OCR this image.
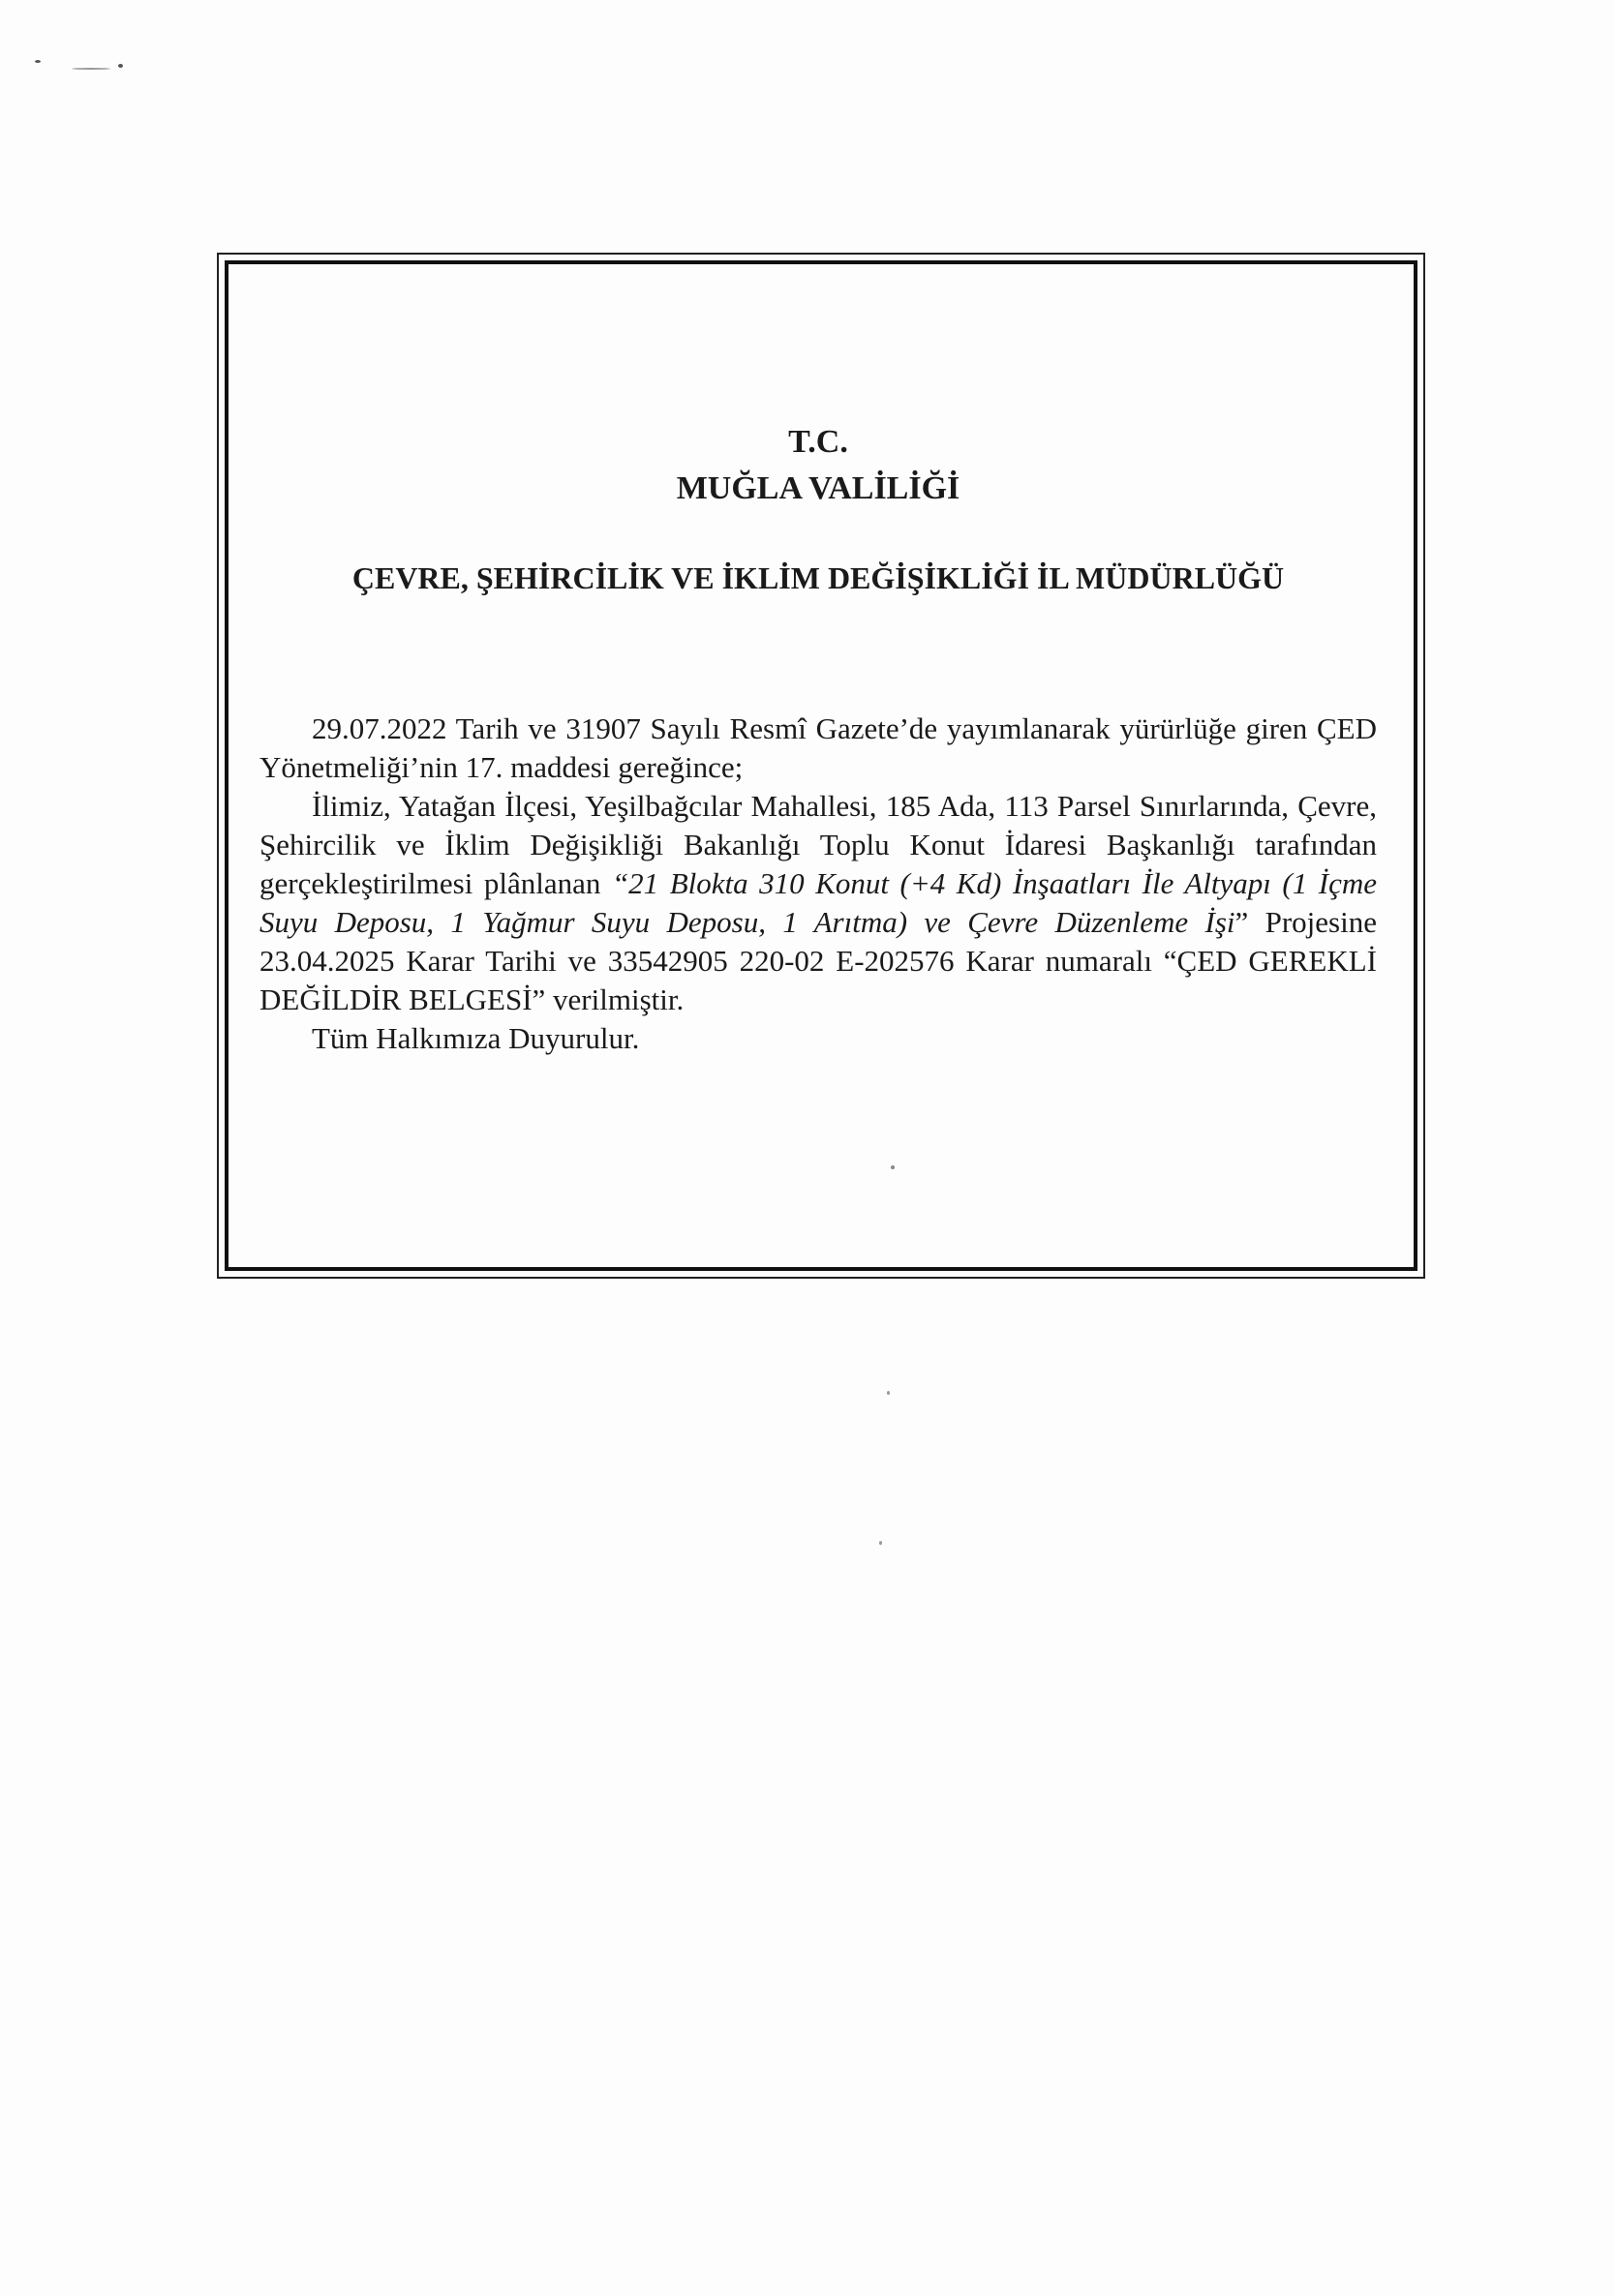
T.C.
MUĞLA VALİLİĞİ
ÇEVRE, ŞEHİRCİLİK VE İKLİM DEĞİŞİKLİĞİ İL MÜDÜRLÜĞÜ

29.07.2022 Tarih ve 31907 Sayılı Resmî Gazete’de yayımlanarak yürürlüğe giren ÇED Yönetmeliği’nin 17. maddesi gereğince;

İlimiz, Yatağan İlçesi, Yeşilbağcılar Mahallesi, 185 Ada, 113 Parsel Sınırlarında, Çevre, Şehircilik ve İklim Değişikliği Bakanlığı Toplu Konut İdaresi Başkanlığı tarafından gerçekleştirilmesi plânlanan “21 Blokta 310 Konut (+4 Kd) İnşaatları İle Altyapı (1 İçme Suyu Deposu, 1 Yağmur Suyu Deposu, 1 Arıtma) ve Çevre Düzenleme İşi” Projesine 23.04.2025 Karar Tarihi ve 33542905 220-02 E-202576 Karar numaralı “ÇED GEREKLİ DEĞİLDİR BELGESİ” verilmiştir.

Tüm Halkımıza Duyurulur.
